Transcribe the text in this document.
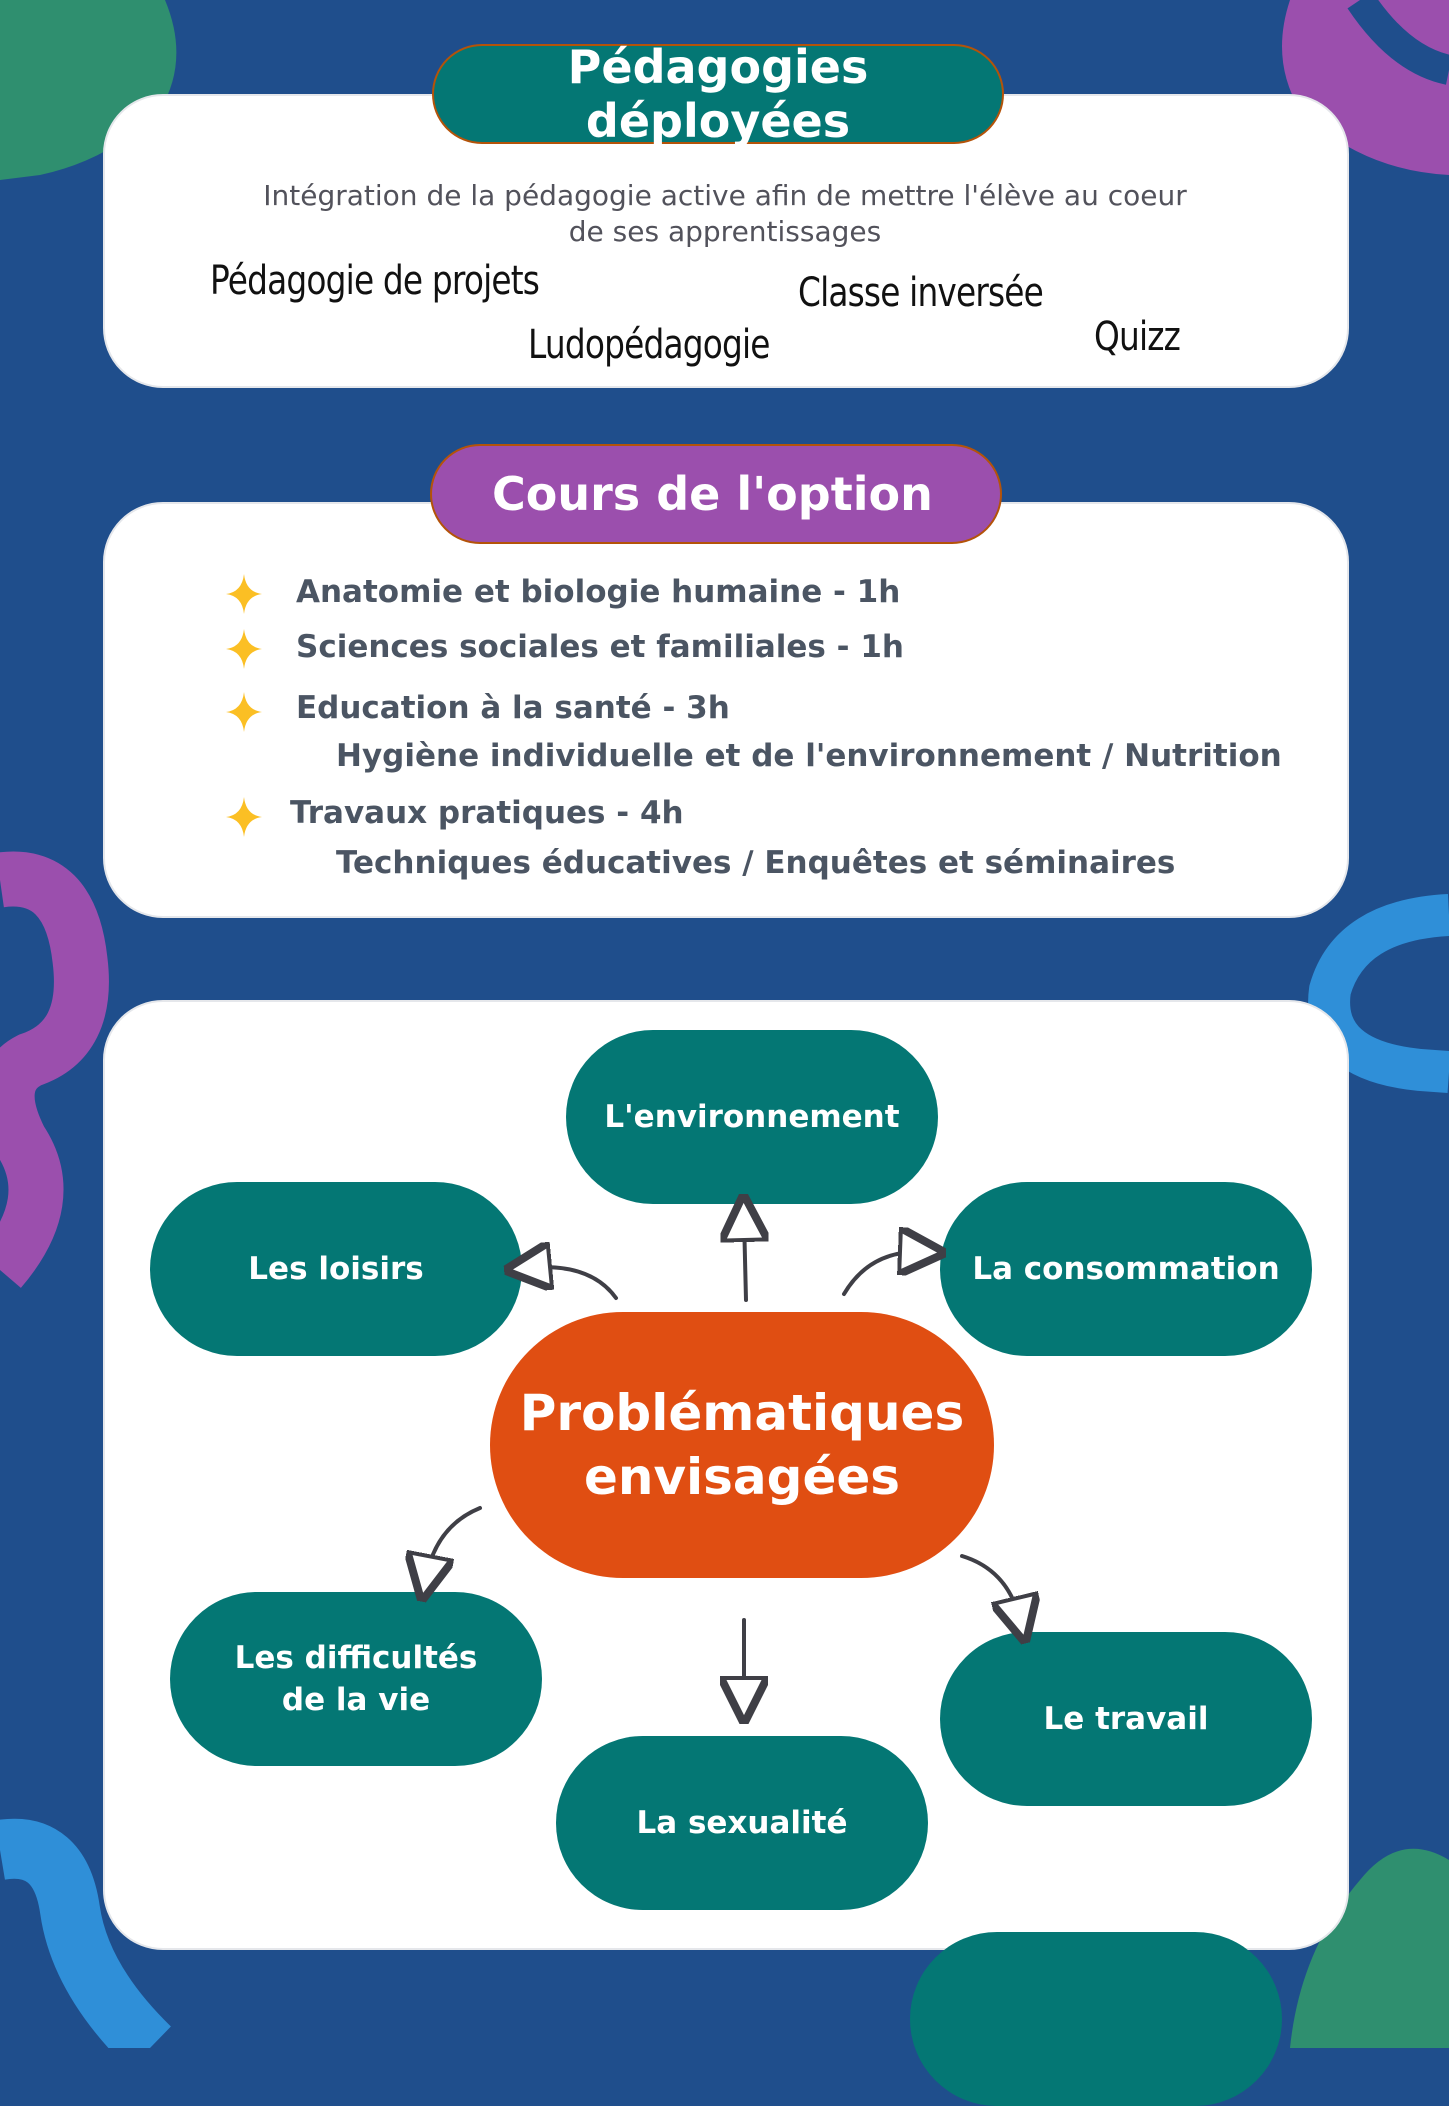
Pédagogies déployées
Intégration de la pédagogie active afin de mettre l'élève au coeur
de ses apprentissages
Pédagogie de projets	Classe inversée
Ludopédagogie	Quizz
Cours de l'option
Anatomie et biologie humaine - 1h
Sciences sociales et familiales - 1h
Education à la santé - 3h
Hygiène individuelle et de l'environnement / Nutrition
Travaux pratiques - 4h
Techniques éducatives / Enquêtes et séminaires
L'environnement
Les loisirs	La consommation
Problématiques
envisagées
Les difficultés
de la vie
Le travail
La sexualité
